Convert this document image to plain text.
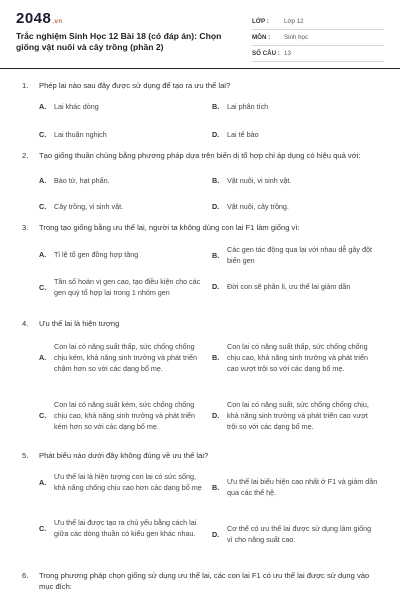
2048.vn
Trắc nghiệm Sinh Học 12 Bài 18 (có đáp án): Chọn giống vật nuôi và cây trồng (phần 2)
LỚP :	Lớp 12
MÔN :	Sinh học
SỐ CÂU : 13
1.	Phép lai nào sau đây được sử dụng để tạo ra ưu thế lai?
A.	Lai khác dòng	B.	Lai phân tích
C.	Lai thuận nghịch	D.	Lai tế bào
2.	Tạo giống thuần chủng bằng phương pháp dựa trên biến dị tổ hợp chỉ áp dụng có hiệu quả với:
A.	Bào tử, hạt phấn.	B.	Vật nuôi, vi sinh vật.
C.	Cây trồng, vi sinh vật.	D.	Vật nuôi, cây trồng.
3.	Trong tạo giống bằng ưu thế lai, người ta không dùng con lai F1 làm giống vì:
A.	Tỉ lệ tổ gen đồng hợp tăng	B.
Các gen tác động qua lại với nhau dễ gây đột biến gen
C.
Tần số hoán vị gen cao, tạo điều kiện cho các gen quý tổ hợp lại trong 1 nhóm gen
D.	Đời con sẽ phân li, ưu thế lai giảm dần
4.	Ưu thế lai là hiện tượng
A.
Con lai có năng suất thấp, sức chống chống chịu kém, khả năng sinh trưởng và phát triển chậm hơn so với các dạng bố mẹ.
B.
Con lai có năng suất thấp, sức chống chống chịu cao, khả năng sinh trưởng và phát triển cao vượt trội so với các dạng bố mẹ.
C.
Con lai có năng suất kém, sức chống chống chịu cao, khả năng sinh trưởng và phát triển kém hơn so với các dạng bố mẹ.
D.
Con lai có năng suất, sức chống chống chịu, khả năng sinh trưởng và phát triển cao vượt trội so với các dạng bố mẹ.
5.	Phát biểu nào dưới đây không đúng về ưu thế lai?
A.
Ưu thế lai là hiện tượng con lai có sức sống, khả năng chống chịu cao hơn các dạng bố mẹ	B.
Ưu thế lai biểu hiện cao nhất ở F1 và giảm dần qua các thế hệ.
C.
Ưu thế lai được tạo ra chủ yếu bằng cách lai giữa các dòng thuần có kiểu gen khác nhau.	D.
Cơ thể có ưu thế lai được sử dụng làm giống vì cho năng suất cao.
6.	Trong phương pháp chọn giống sử dụng ưu thế lai, các con lai F1 có ưu thế lai được sử dụng vào mục đích:
